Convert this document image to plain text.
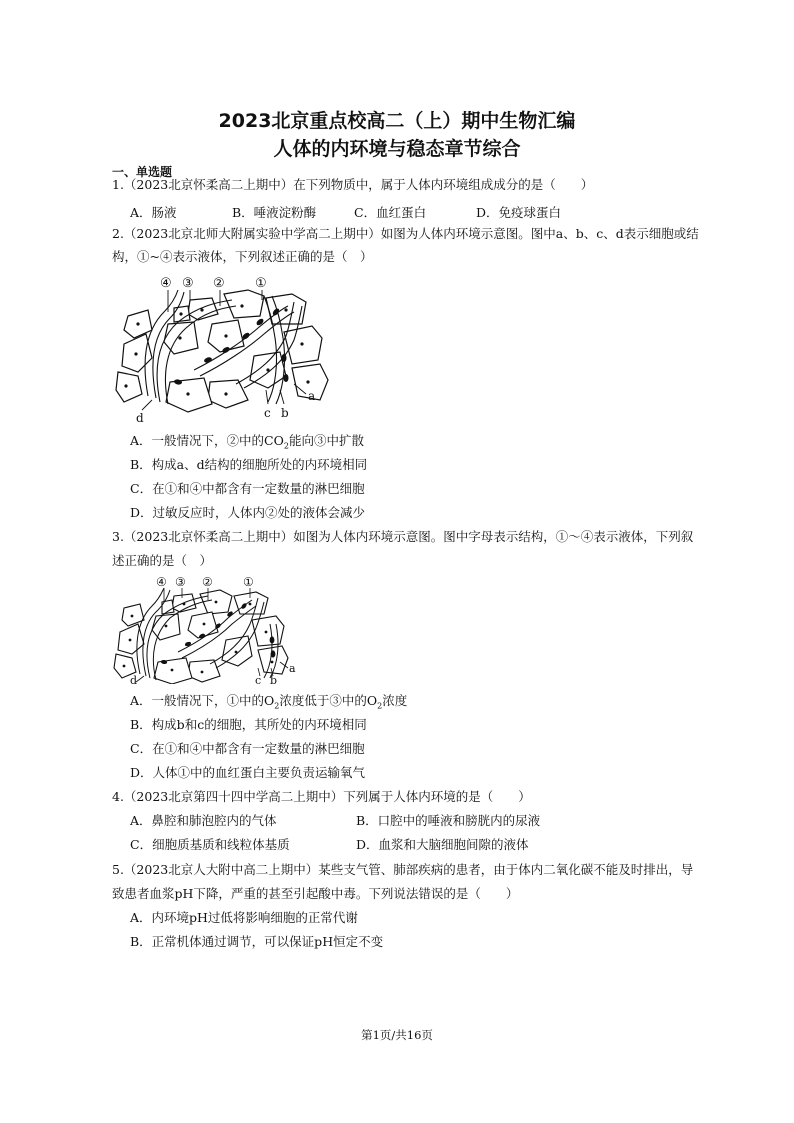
2023北京重点校高二（上）期中生物汇编
人体的内环境与稳态章节综合
一、单选题
1.（2023北京怀柔高二上期中）在下列物质中，属于人体内环境组成成分的是（　　）
A．肠液	B．唾液淀粉酶	C．血红蛋白	D．免疫球蛋白
2.（2023北京北师大附属实验中学高二上期中）如图为人体内环境示意图。图中a、b、c、d表示细胞或结
构，①~④表示液体，下列叙述正确的是（　）
④ ③ ② ①
a
b
c
d
A．一般情况下，②中的$CO_2$能向③中扩散
B．构成a、d结构的细胞所处的内环境相同
C．在①和④中都含有一定数量的淋巴细胞
D．过敏反应时，人体内②处的液体会减少
3.（2023北京怀柔高二上期中）如图为人体内环境示意图。图中字母表示结构，①～④表示液体，下列叙
述正确的是（　）
④ ③ ②	①
a
b
c
d
A．一般情况下，①中的$O_2$浓度低于③中的$O_2$浓度
B．构成b和c的细胞，其所处的内环境相同
C．在①和④中都含有一定数量的淋巴细胞
D．人体①中的血红蛋白主要负责运输氧气
4.（2023北京第四十四中学高二上期中）下列属于人体内环境的是（　　）
A．鼻腔和肺泡腔内的气体	B．口腔中的唾液和膀胱内的尿液
C．细胞质基质和线粒体基质	D．血浆和大脑细胞间隙的液体
5.（2023北京人大附中高二上期中）某些支气管、肺部疾病的患者，由于体内二氧化碳不能及时排出，导
致患者血浆pH下降，严重的甚至引起酸中毒。下列说法错误的是（　　）
A．内环境pH过低将影响细胞的正常代谢
B．正常机体通过调节，可以保证pH恒定不变
第1页/共16页
